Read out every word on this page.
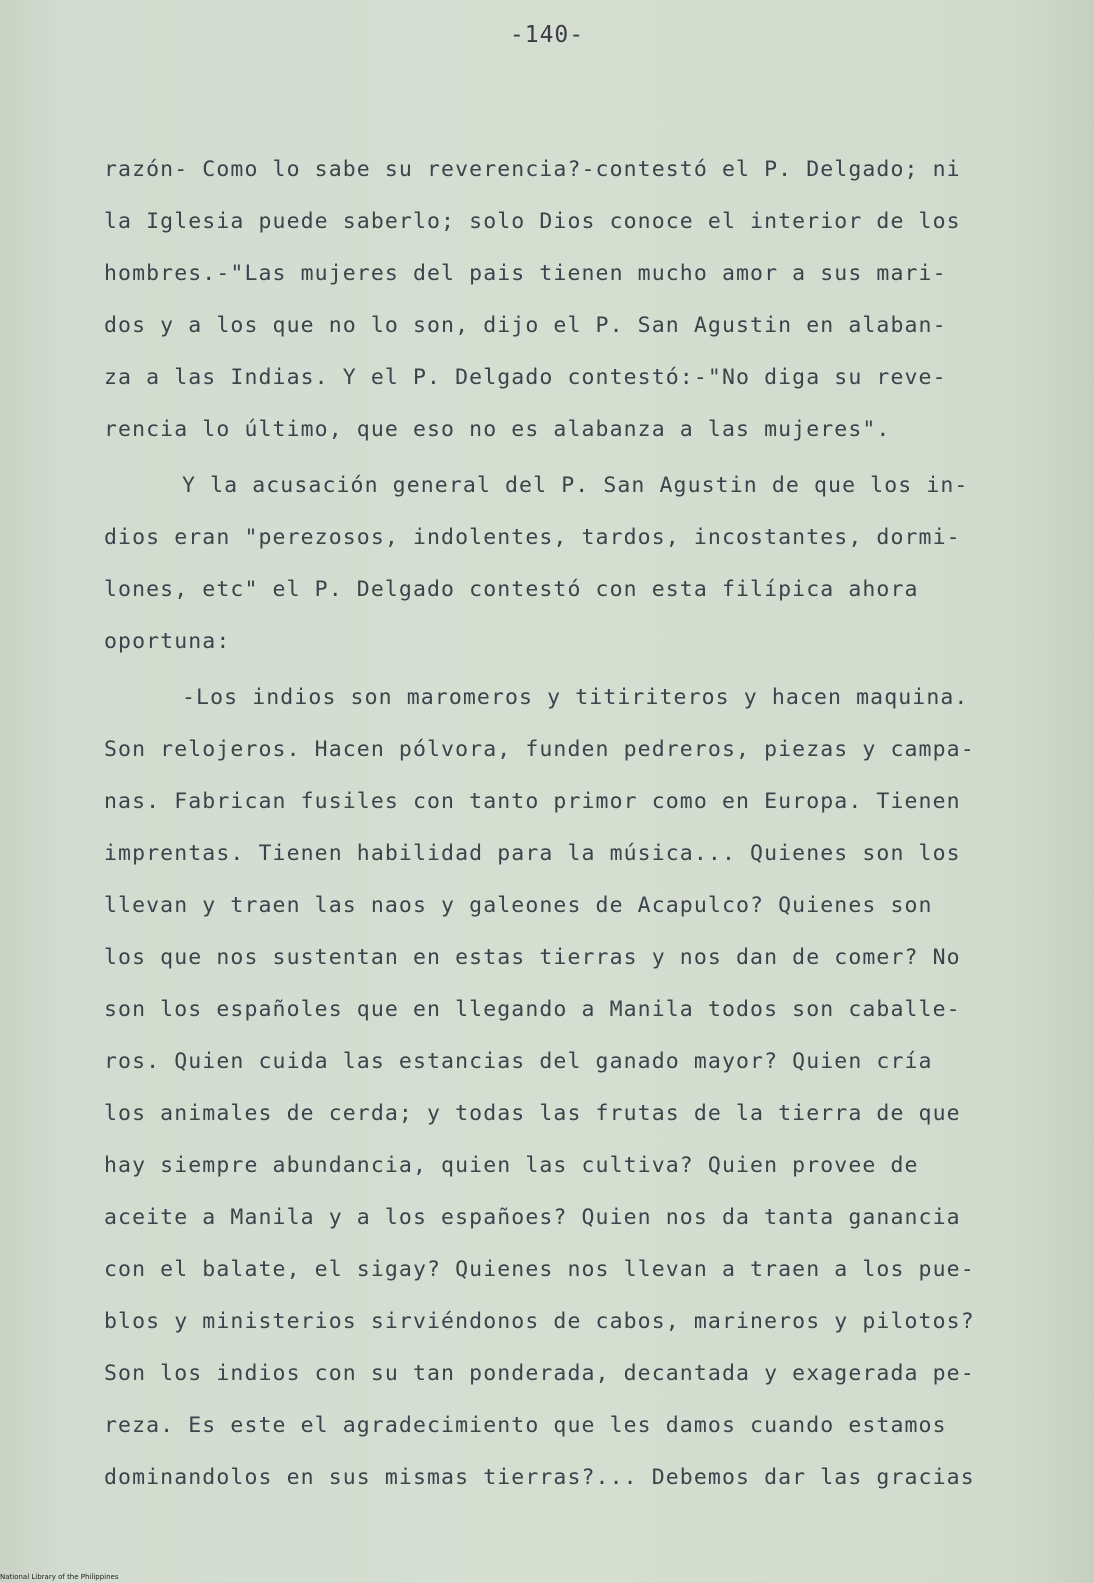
-140-
razón- Como lo sabe su reverencia?-contestó el P. Delgado; ni
la Iglesia puede saberlo; solo Dios conoce el interior de los
hombres.-"Las mujeres del pais tienen mucho amor a sus mari-
dos y a los que no lo son, dijo el P. San Agustin en alaban-
za a las Indias. Y el P. Delgado contestó:-"No diga su reve-
rencia lo último, que eso no es alabanza a las mujeres".
Y la acusación general del P. San Agustin de que los in-
dios eran "perezosos, indolentes, tardos, incostantes, dormi-
lones, etc" el P. Delgado contestó con esta filípica ahora
oportuna:
-Los indios son maromeros y titiriteros y hacen maquina.
Son relojeros. Hacen pólvora, funden pedreros, piezas y campa-
nas. Fabrican fusiles con tanto primor como en Europa. Tienen
imprentas. Tienen habilidad para la música... Quienes son los
llevan y traen las naos y galeones de Acapulco? Quienes son
los que nos sustentan en estas tierras y nos dan de comer? No
son los españoles que en llegando a Manila todos son caballe-
ros. Quien cuida las estancias del ganado mayor? Quien cría
los animales de cerda; y todas las frutas de la tierra de que
hay siempre abundancia, quien las cultiva? Quien provee de
aceite a Manila y a los españoes? Quien nos da tanta ganancia
con el balate, el sigay? Quienes nos llevan a traen a los pue-
blos y ministerios sirviéndonos de cabos, marineros y pilotos?
Son los indios con su tan ponderada, decantada y exagerada pe-
reza. Es este el agradecimiento que les damos cuando estamos
dominandolos en sus mismas tierras?... Debemos dar las gracias
National Library of the Philippines
